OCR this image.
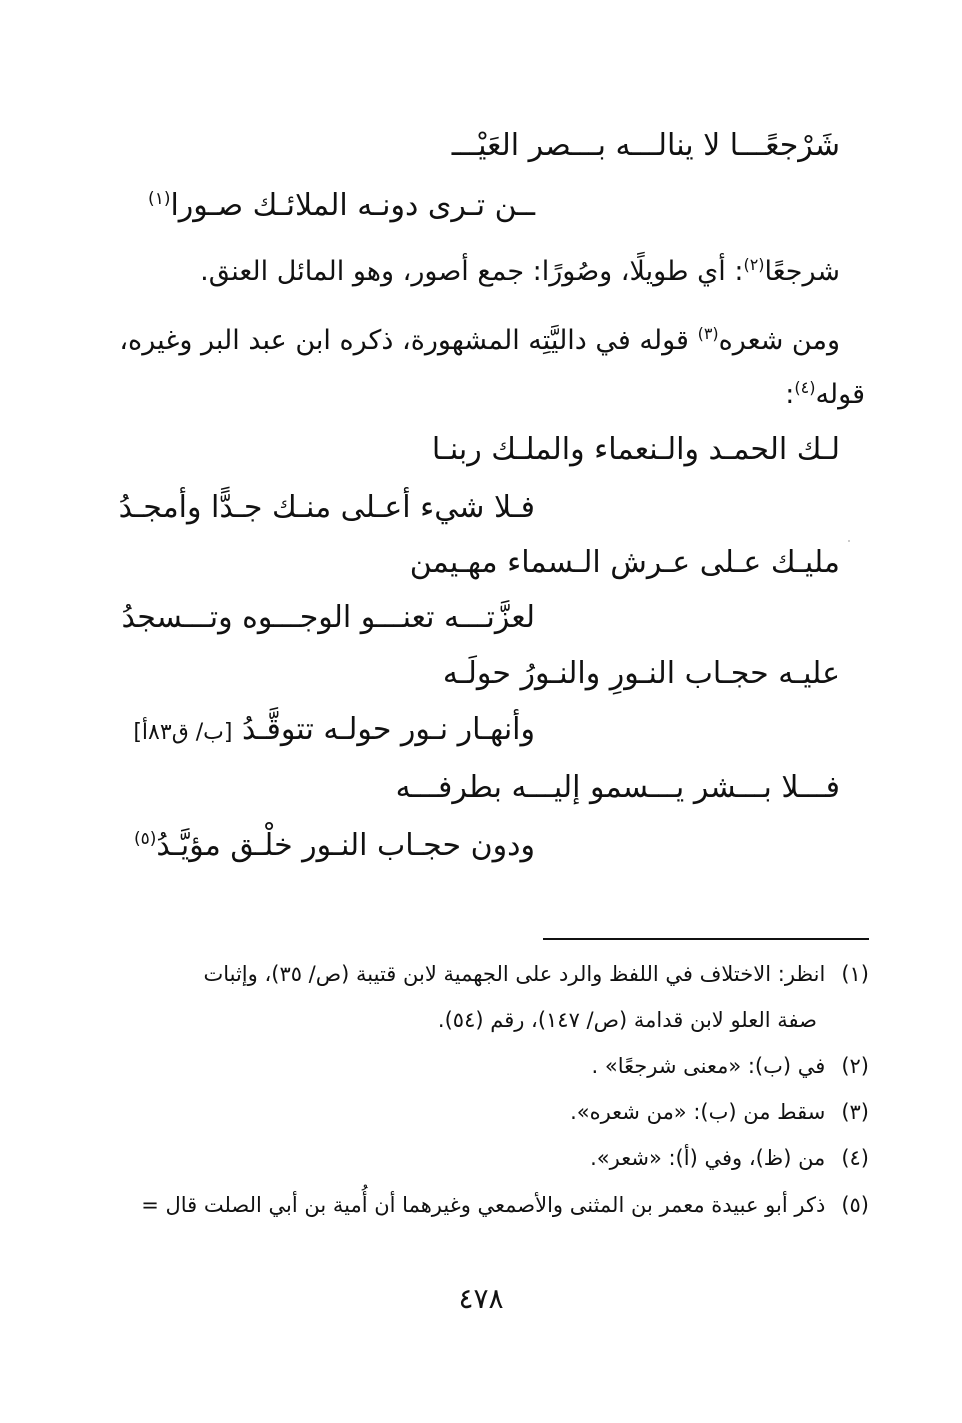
شَرْجعًـــا لا ينالـــه بـــصر العَيْـــ
ــن تـرى دونـه الملائـك صـورا$^{(١)}$
شرجعًا$^{(٢)}$: أي طويلًا، وصُورًا: جمع أصور، وهو المائل العنق.
ومن شعره$^{(٣)}$ قوله في داليَّتِه المشهورة، ذكره ابن عبد البر وغيره،
قوله$^{(٤)}$:
لـك الحمـد والـنعماء والملـك ربنـا
فـلا شيء أعـلى منـك جـدًّا وأمجـدُ
مليـك عـلى عـرش الـسماء مهـيمن
لعزَّتـــه تعنـــو الوجـــوه وتـــسجدُ
عليـه حجـاب النـورِ والنـورُ حولَـه
وأنهـار نـور حولـه تتوقَّـدُ [ب/ ق٨٣أ]
فـــلا بـــشر يـــسمو إليـــه بطرفـــه
ودون حجـاب النـور خلْـق مؤيَّـدُ$^{(٥)}$
(١)انظر: الاختلاف في اللفظ والرد على الجهمية لابن قتيبة (ص/ ٣٥)، وإثبات
صفة العلو لابن قدامة (ص/ ١٤٧)، رقم (٥٤).
(٢)في (ب): «معنى شرجعًا» .
(٣)سقط من (ب): «من شعره».
(٤)من (ظ)، وفي (أ): «شعر».
(٥)ذكر أبو عبيدة معمر بن المثنى والأصمعي وغيرهما أن أُمية بن أبي الصلت قال =
٤٧٨
